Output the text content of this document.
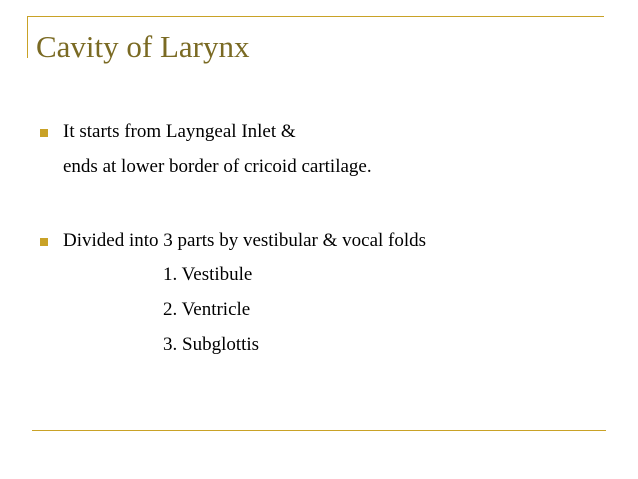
Cavity of Larynx
It starts from Layngeal Inlet &
ends at lower border of cricoid cartilage.
Divided into 3 parts by vestibular & vocal folds
1. Vestibule
2. Ventricle
3. Subglottis
